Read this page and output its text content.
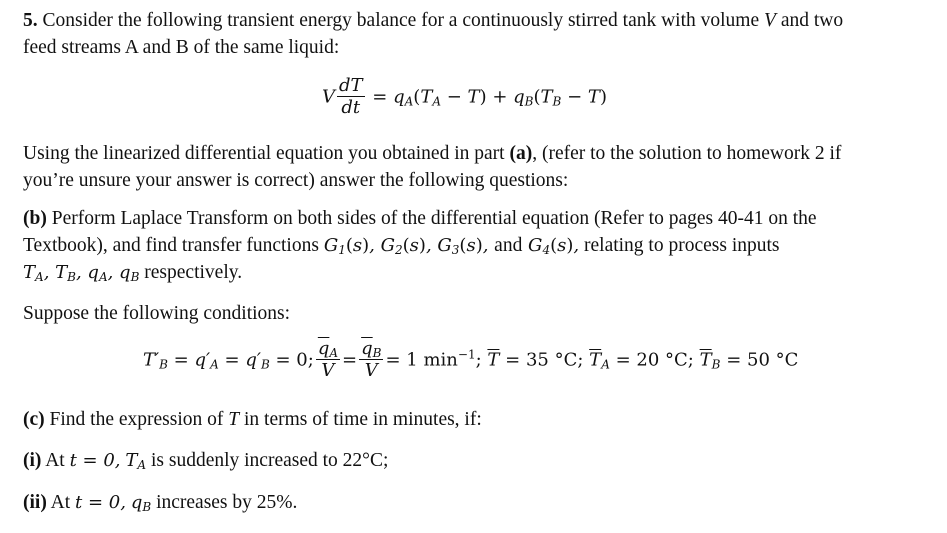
5. Consider the following transient energy balance for a continuously stirred tank with volume V and two
feed streams A and B of the same liquid:
V $\frac{dT}{dt} = q_A(T_A - T) + q_B(T_B - T)$
Using the linearized differential equation you obtained in part (a), (refer to the solution to homework 2 if
you’re unsure your answer is correct) answer the following questions:
(b) Perform Laplace Transform on both sides of the differential equation (Refer to pages 40-41 on the
Textbook), and find transfer functions $G_1(s)$, $G_2(s)$, $G_3(s)$, and $G_4(s)$, relating to process inputs
$T_A$, $T_B$, $q_A$, $q_B$ respectively.
Suppose the following conditions:
$T'_B = q'_A = q'_B = 0$; $\frac{\overline{q}_A}{V} = \frac{\overline{q}_B}{V} = 1$ $\min^{-1}$; $\overline{T} = 35$ °C; $\overline{T}_A = 20$ °C; $\overline{T}_B = 50$ °C
(c) Find the expression of T in terms of time in minutes, if:
(i) At t = 0, $T_A$ is suddenly increased to 22°C;
(ii) At t = 0, $q_B$ increases by 25%.
